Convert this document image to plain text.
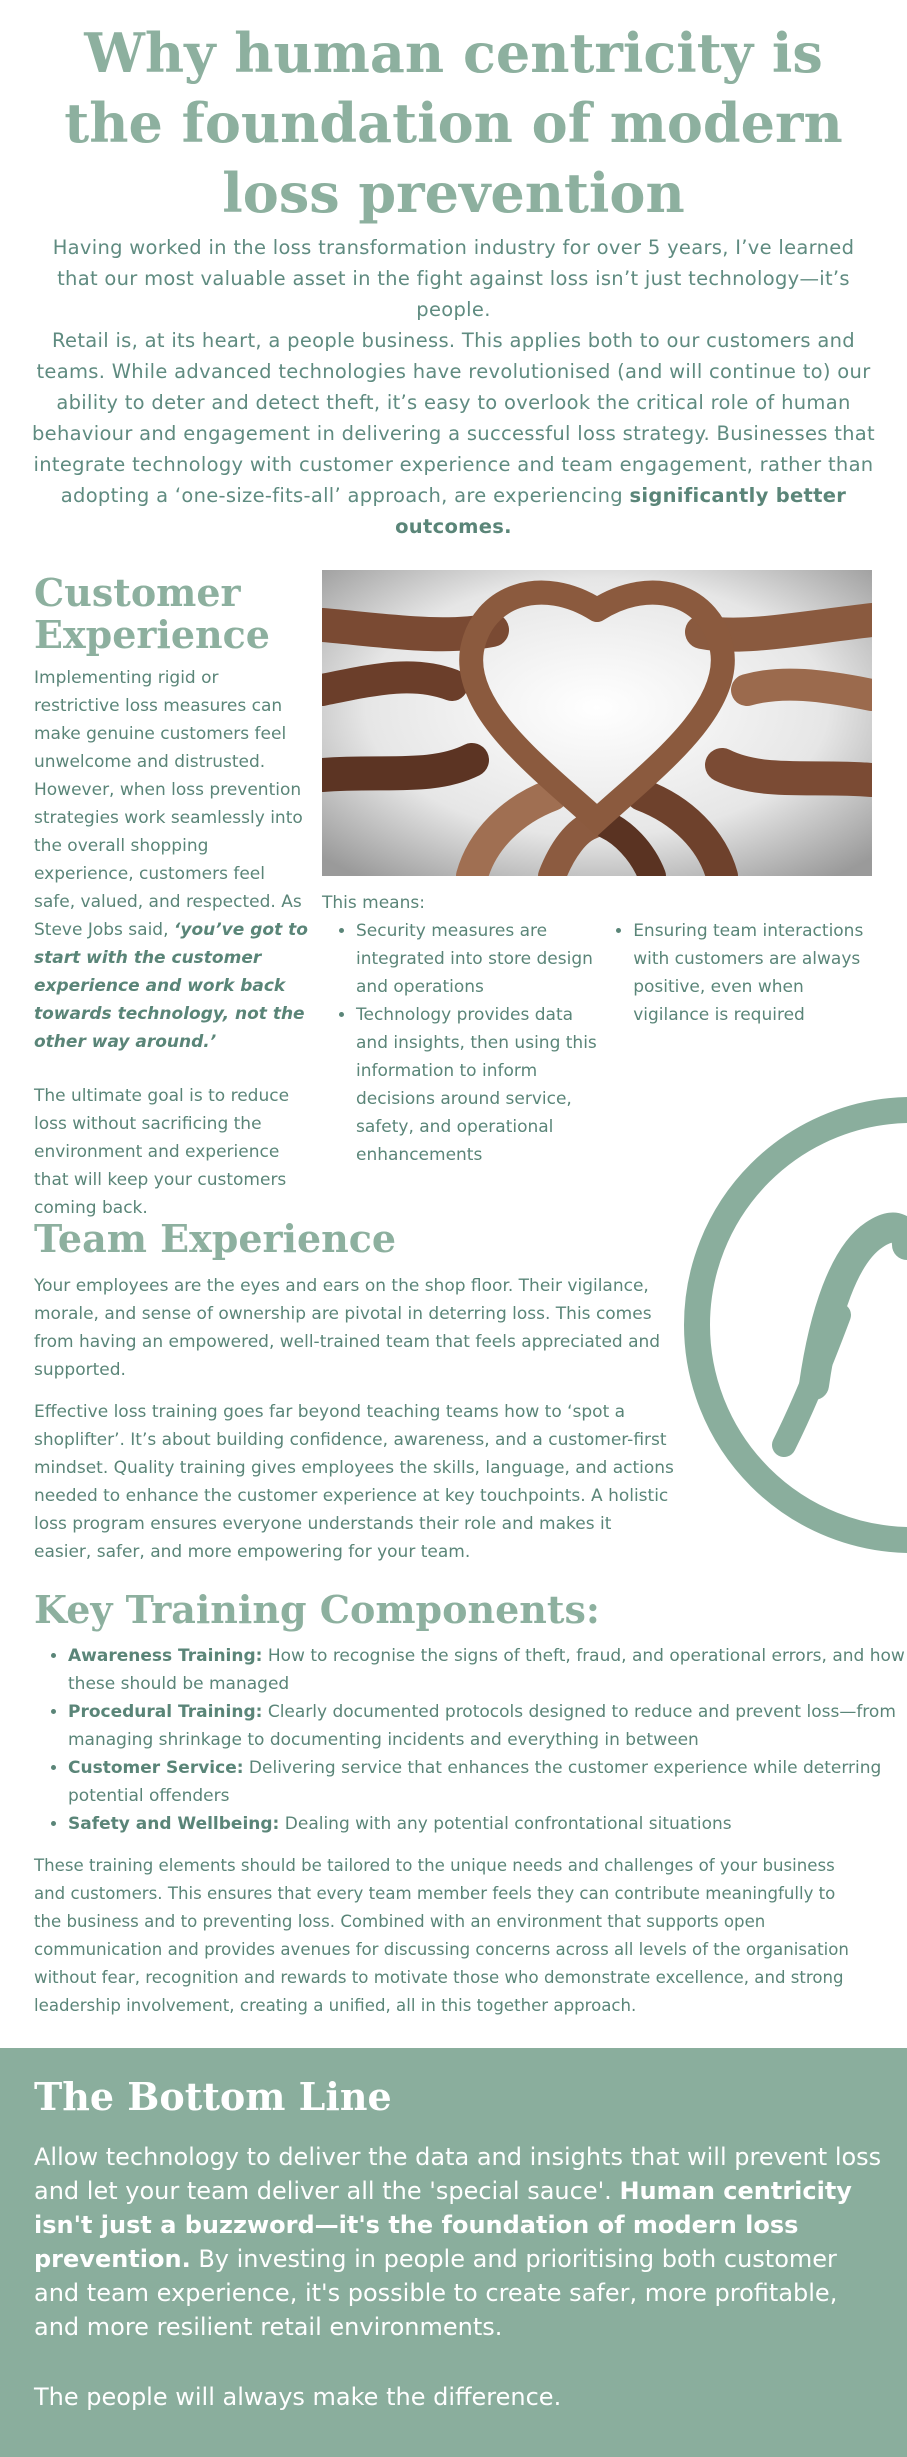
Why human centricity is the foundation of modern loss prevention

Having worked in the loss transformation industry for over 5 years, I’ve learned that our most valuable asset in the fight against loss isn’t just technology—it’s people.

Retail is, at its heart, a people business. This applies both to our customers and teams. While advanced technologies have revolutionised (and will continue to) our ability to deter and detect theft, it’s easy to overlook the critical role of human behaviour and engagement in delivering a successful loss strategy. Businesses that integrate technology with customer experience and team engagement, rather than adopting a ‘one-size-fits-all’ approach, are experiencing significantly better outcomes.

Customer Experience

Implementing rigid or restrictive loss measures can make genuine customers feel unwelcome and distrusted. However, when loss prevention strategies work seamlessly into the overall shopping experience, customers feel safe, valued, and respected. As Steve Jobs said, ‘you’ve got to start with the customer experience and work back towards technology, not the other way around.’

The ultimate goal is to reduce loss without sacrificing the environment and experience that will keep your customers coming back.

This means:

• Security measures are integrated into store design and operations
• Technology provides data and insights, then using this information to inform decisions around service, safety, and operational enhancements
• Ensuring team interactions with customers are always positive, even when vigilance is required
Team Experience

Your employees are the eyes and ears on the shop floor. Their vigilance, morale, and sense of ownership are pivotal in deterring loss. This comes from having an empowered, well-trained team that feels appreciated and supported.

Effective loss training goes far beyond teaching teams how to ‘spot a shoplifter’. It’s about building confidence, awareness, and a customer-first mindset. Quality training gives employees the skills, language, and actions needed to enhance the customer experience at key touchpoints. A holistic loss program ensures everyone understands their role and makes it easier, safer, and more empowering for your team.

Key Training Components:
• Awareness Training: How to recognise the signs of theft, fraud, and operational errors, and how these should be managed
• Procedural Training: Clearly documented protocols designed to reduce and prevent loss—from managing shrinkage to documenting incidents and everything in between
• Customer Service: Delivering service that enhances the customer experience while deterring potential offenders
• Safety and Wellbeing: Dealing with any potential confrontational situations

These training elements should be tailored to the unique needs and challenges of your business and customers. This ensures that every team member feels they can contribute meaningfully to the business and to preventing loss. Combined with an environment that supports open communication and provides avenues for discussing concerns across all levels of the organisation without fear, recognition and rewards to motivate those who demonstrate excellence, and strong leadership involvement, creating a unified, all in this together approach.

The Bottom Line

Allow technology to deliver the data and insights that will prevent loss and let your team deliver all the 'special sauce'. Human centricity isn't just a buzzword—it's the foundation of modern loss prevention. By investing in people and prioritising both customer and team experience, it's possible to create safer, more profitable, and more resilient retail environments.

The people will always make the difference.
